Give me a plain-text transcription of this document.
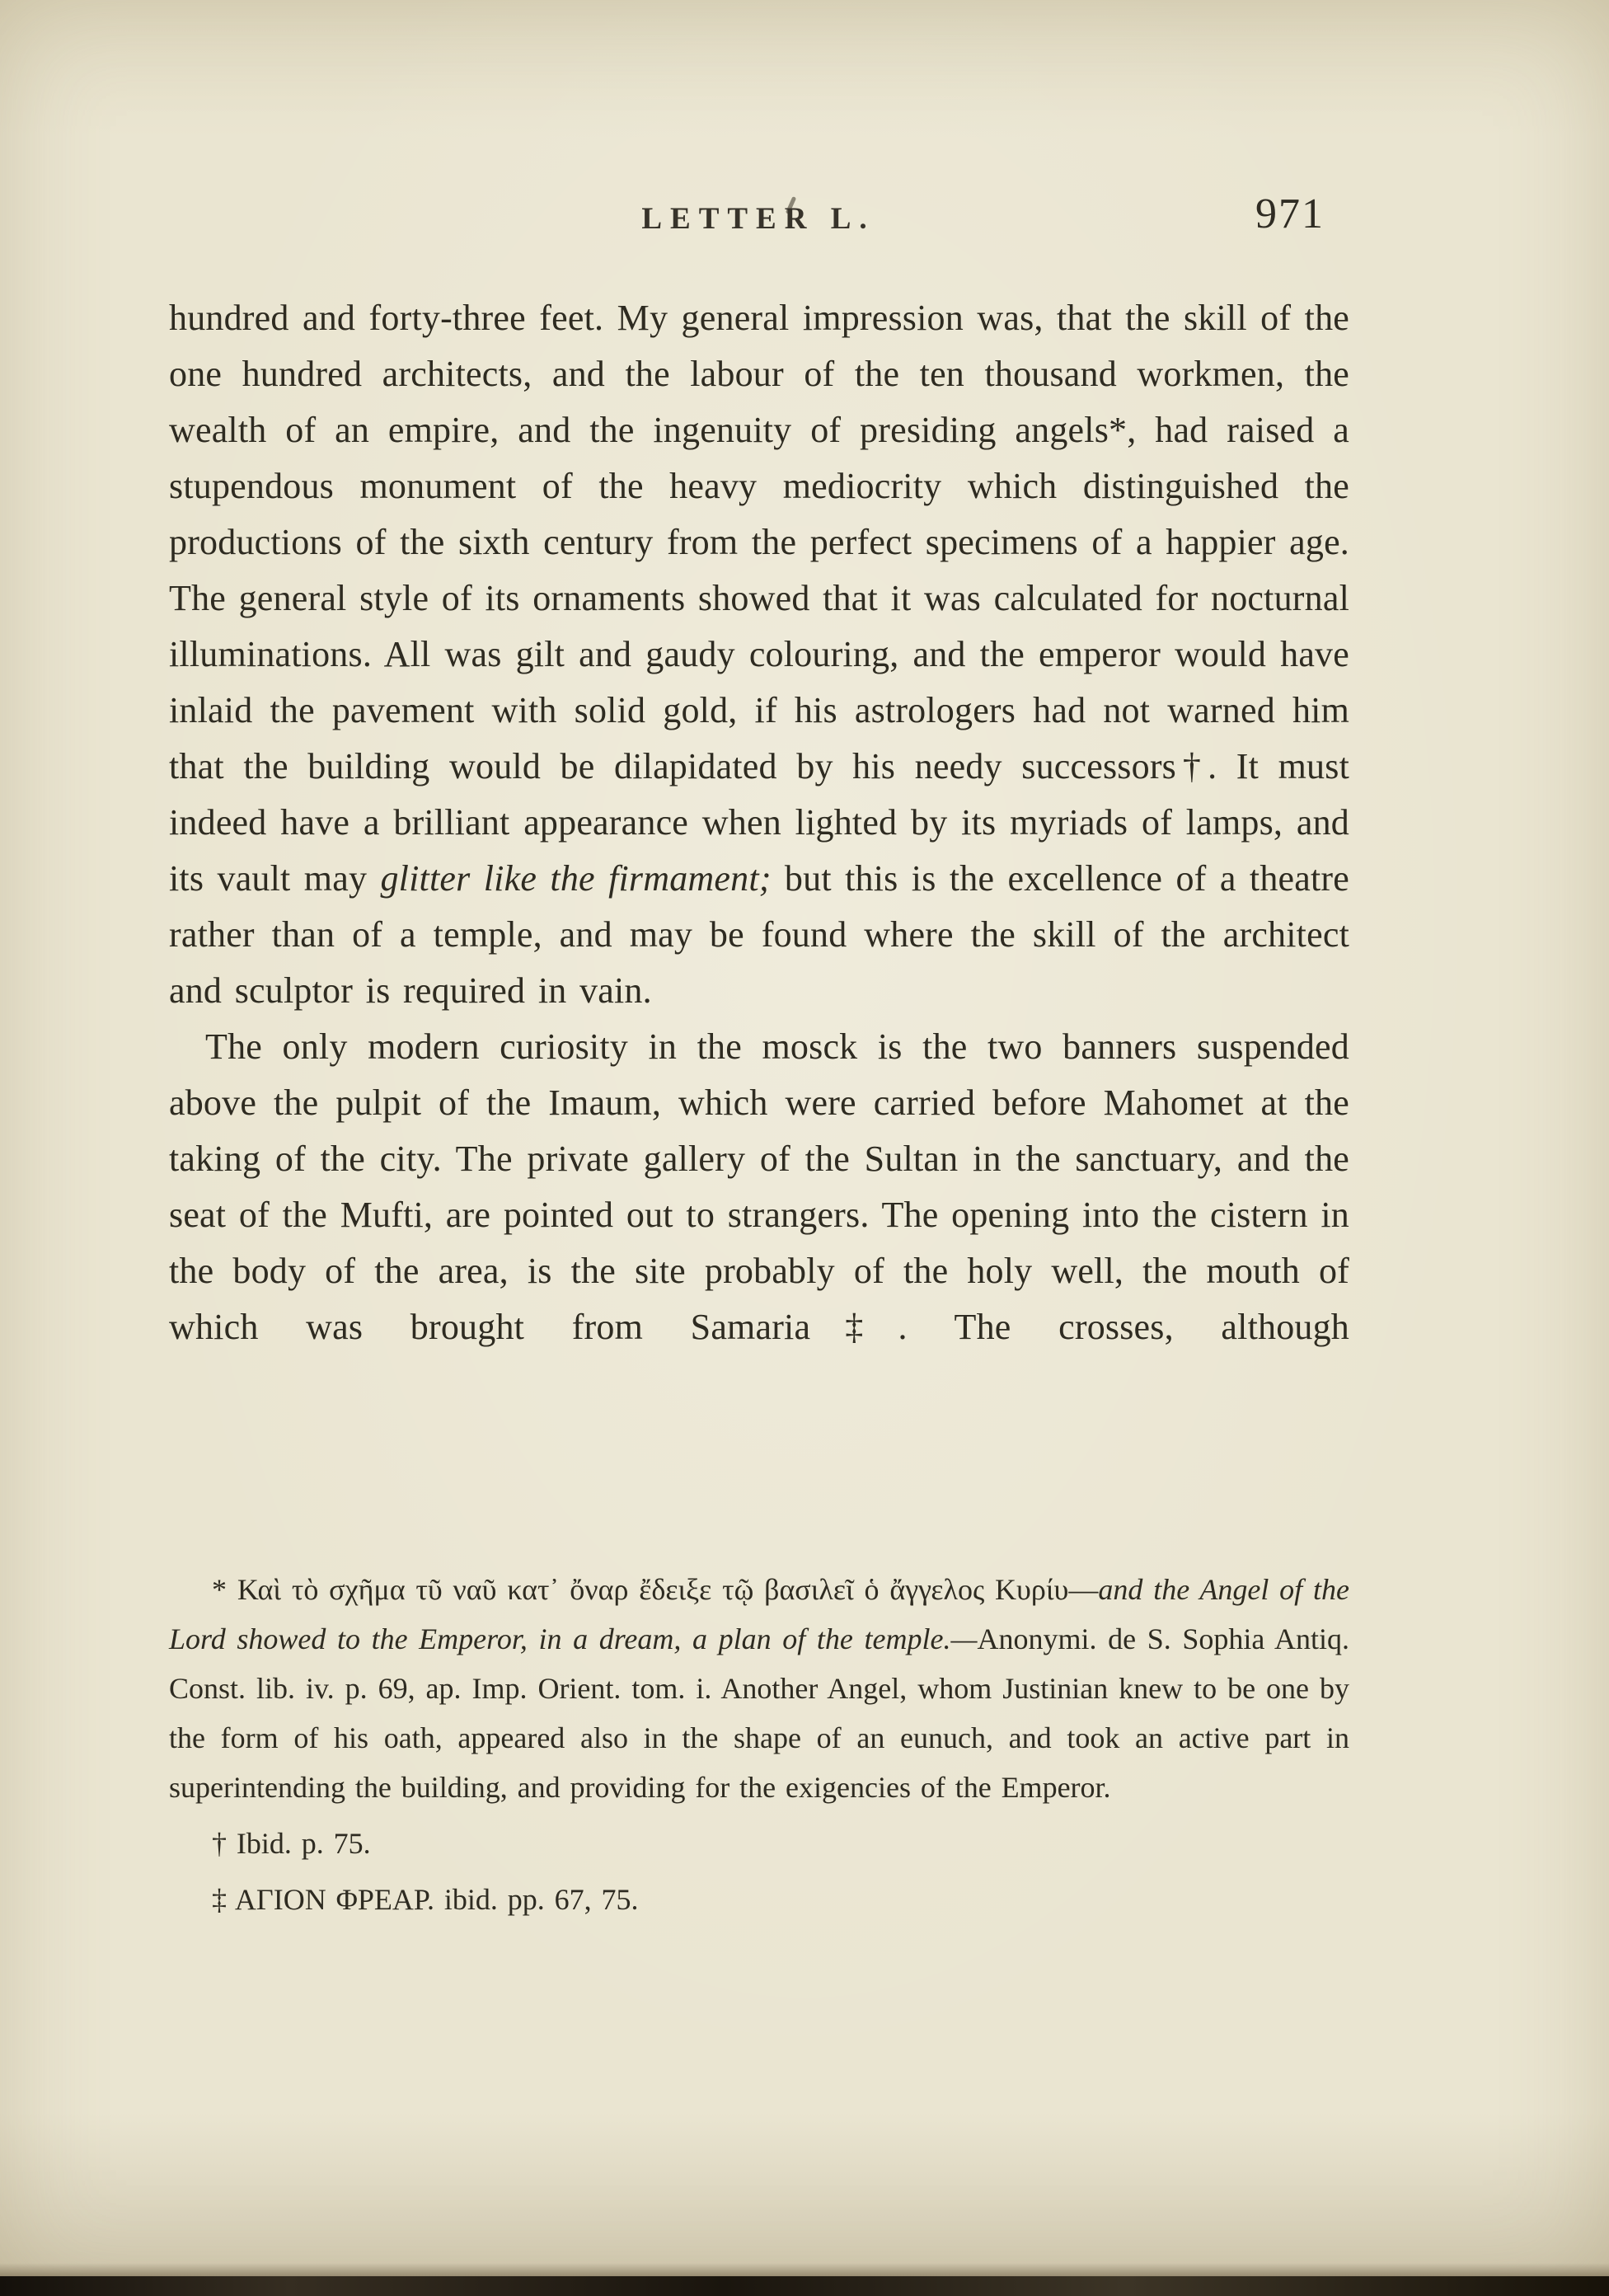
LETTER L.	971

hundred and forty-three feet. My general impression was, that the skill of the one hundred architects, and the labour of the ten thousand workmen, the wealth of an empire, and the ingenuity of presiding angels*, had raised a stupendous monument of the heavy mediocrity which distinguished the productions of the sixth century from the perfect specimens of a happier age. The general style of its ornaments showed that it was calculated for nocturnal illuminations. All was gilt and gaudy colouring, and the emperor would have inlaid the pavement with solid gold, if his astrologers had not warned him that the building would be dilapidated by his needy successors†. It must indeed have a brilliant appearance when lighted by its myriads of lamps, and its vault may glitter like the firmament; but this is the excellence of a theatre rather than of a temple, and may be found where the skill of the architect and sculptor is required in vain.

The only modern curiosity in the mosck is the two banners suspended above the pulpit of the Imaum, which were carried before Mahomet at the taking of the city. The private gallery of the Sultan in the sanctuary, and the seat of the Mufti, are pointed out to strangers. The opening into the cistern in the body of the area, is the site probably of the holy well, the mouth of which was brought from Samaria‡. The crosses, although

* Καὶ τὸ σχῆμα τῦ ναῦ κατ᾽ ὄναρ ἔδειξε τῷ βασιλεῖ ὁ ἄγγελος Κυρίυ—and the Angel of the Lord showed to the Emperor, in a dream, a plan of the temple.—Anonymi. de S. Sophia Antiq. Const. lib. iv. p. 69, ap. Imp. Orient. tom. i. Another Angel, whom Justinian knew to be one by the form of his oath, appeared also in the shape of an eunuch, and took an active part in superintending the building, and providing for the exigencies of the Emperor.

† Ibid. p. 75.

‡ ΑΓΙΟΝ ΦΡΕΑΡ. ibid. pp. 67, 75.
